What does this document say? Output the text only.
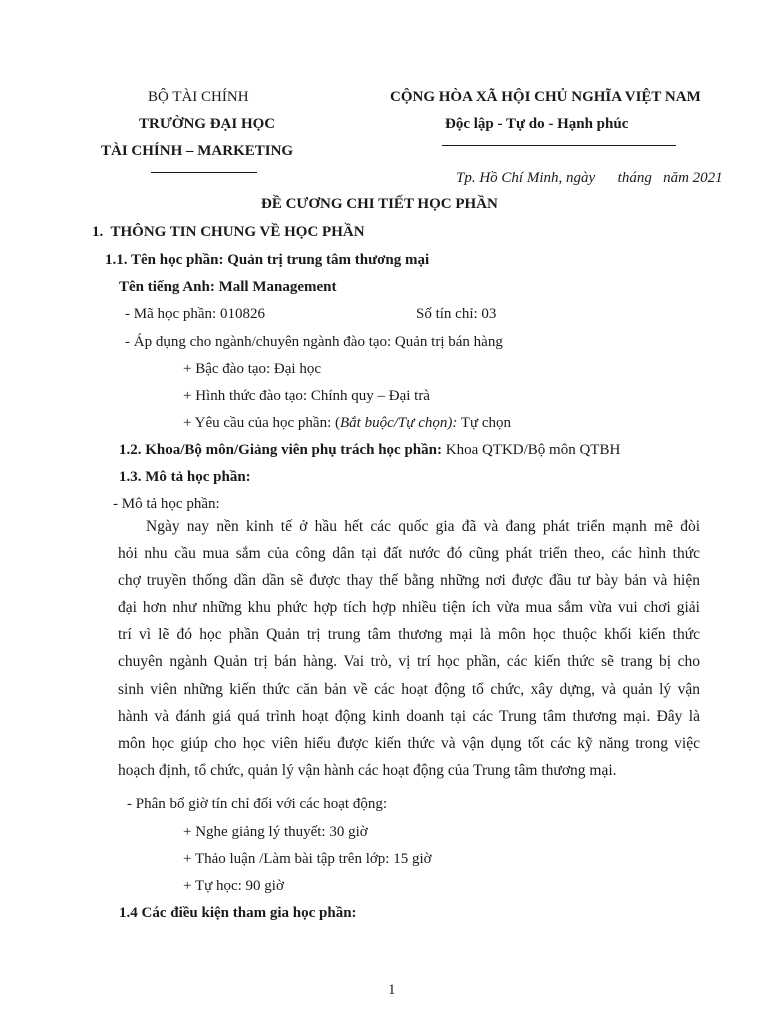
BỘ TÀI CHÍNH
TRƯỜNG ĐẠI HỌC
TÀI CHÍNH – MARKETING
CỘNG HÒA XÃ HỘI CHỦ NGHĨA VIỆT NAM
Độc lập - Tự do - Hạnh phúc
Tp. Hồ Chí Minh, ngày      tháng   năm 2021
ĐỀ CƯƠNG CHI TIẾT HỌC PHẦN
1.  THÔNG TIN CHUNG VỀ HỌC PHẦN
1.1. Tên học phần: Quản trị trung tâm thương mại
Tên tiếng Anh: Mall Management
- Mã học phần: 010826	Số tín chỉ: 03
- Áp dụng cho ngành/chuyên ngành đào tạo: Quản trị bán hàng
+ Bậc đào tạo: Đại học
+ Hình thức đào tạo: Chính quy – Đại trà
+ Yêu cầu của học phần: (Bắt buộc/Tự chọn): Tự chọn
1.2. Khoa/Bộ môn/Giảng viên phụ trách học phần: Khoa QTKD/Bộ môn QTBH
1.3. Mô tả học phần:
- Mô tả học phần:
Ngày nay nền kinh tế ở hầu hết các quốc gia đã và đang phát triển mạnh mẽ đòi
hỏi nhu cầu mua sắm của công dân tại đất nước đó cũng phát triển theo, các hình thức
chợ truyền thống dần dần sẽ được thay thế bằng những nơi được đầu tư bày bản và hiện
đại hơn như những khu phức hợp tích hợp nhiều tiện ích vừa mua sắm vừa vui chơi giải
trí vì lẽ đó học phần Quản trị trung tâm thương mại là môn học thuộc khối kiến thức
chuyên ngành Quản trị bán hàng. Vai trò, vị trí học phần, các kiến thức sẽ trang bị cho
sinh viên những kiến thức căn bản về các hoạt động tổ chức, xây dựng, và quản lý vận
hành và đánh giá quá trình hoạt động kinh doanh tại các Trung tâm thương mại. Đây là
môn học giúp cho học viên hiểu được kiến thức và vận dụng tốt các kỹ năng trong việc
hoạch định, tổ chức, quản lý vận hành các hoạt động của Trung tâm thương mại.
- Phân bổ giờ tín chỉ đối với các hoạt động:
+ Nghe giảng lý thuyết: 30 giờ
+ Thảo luận /Làm bài tập trên lớp: 15 giờ
+ Tự học: 90 giờ
1.4 Các điều kiện tham gia học phần:
1
